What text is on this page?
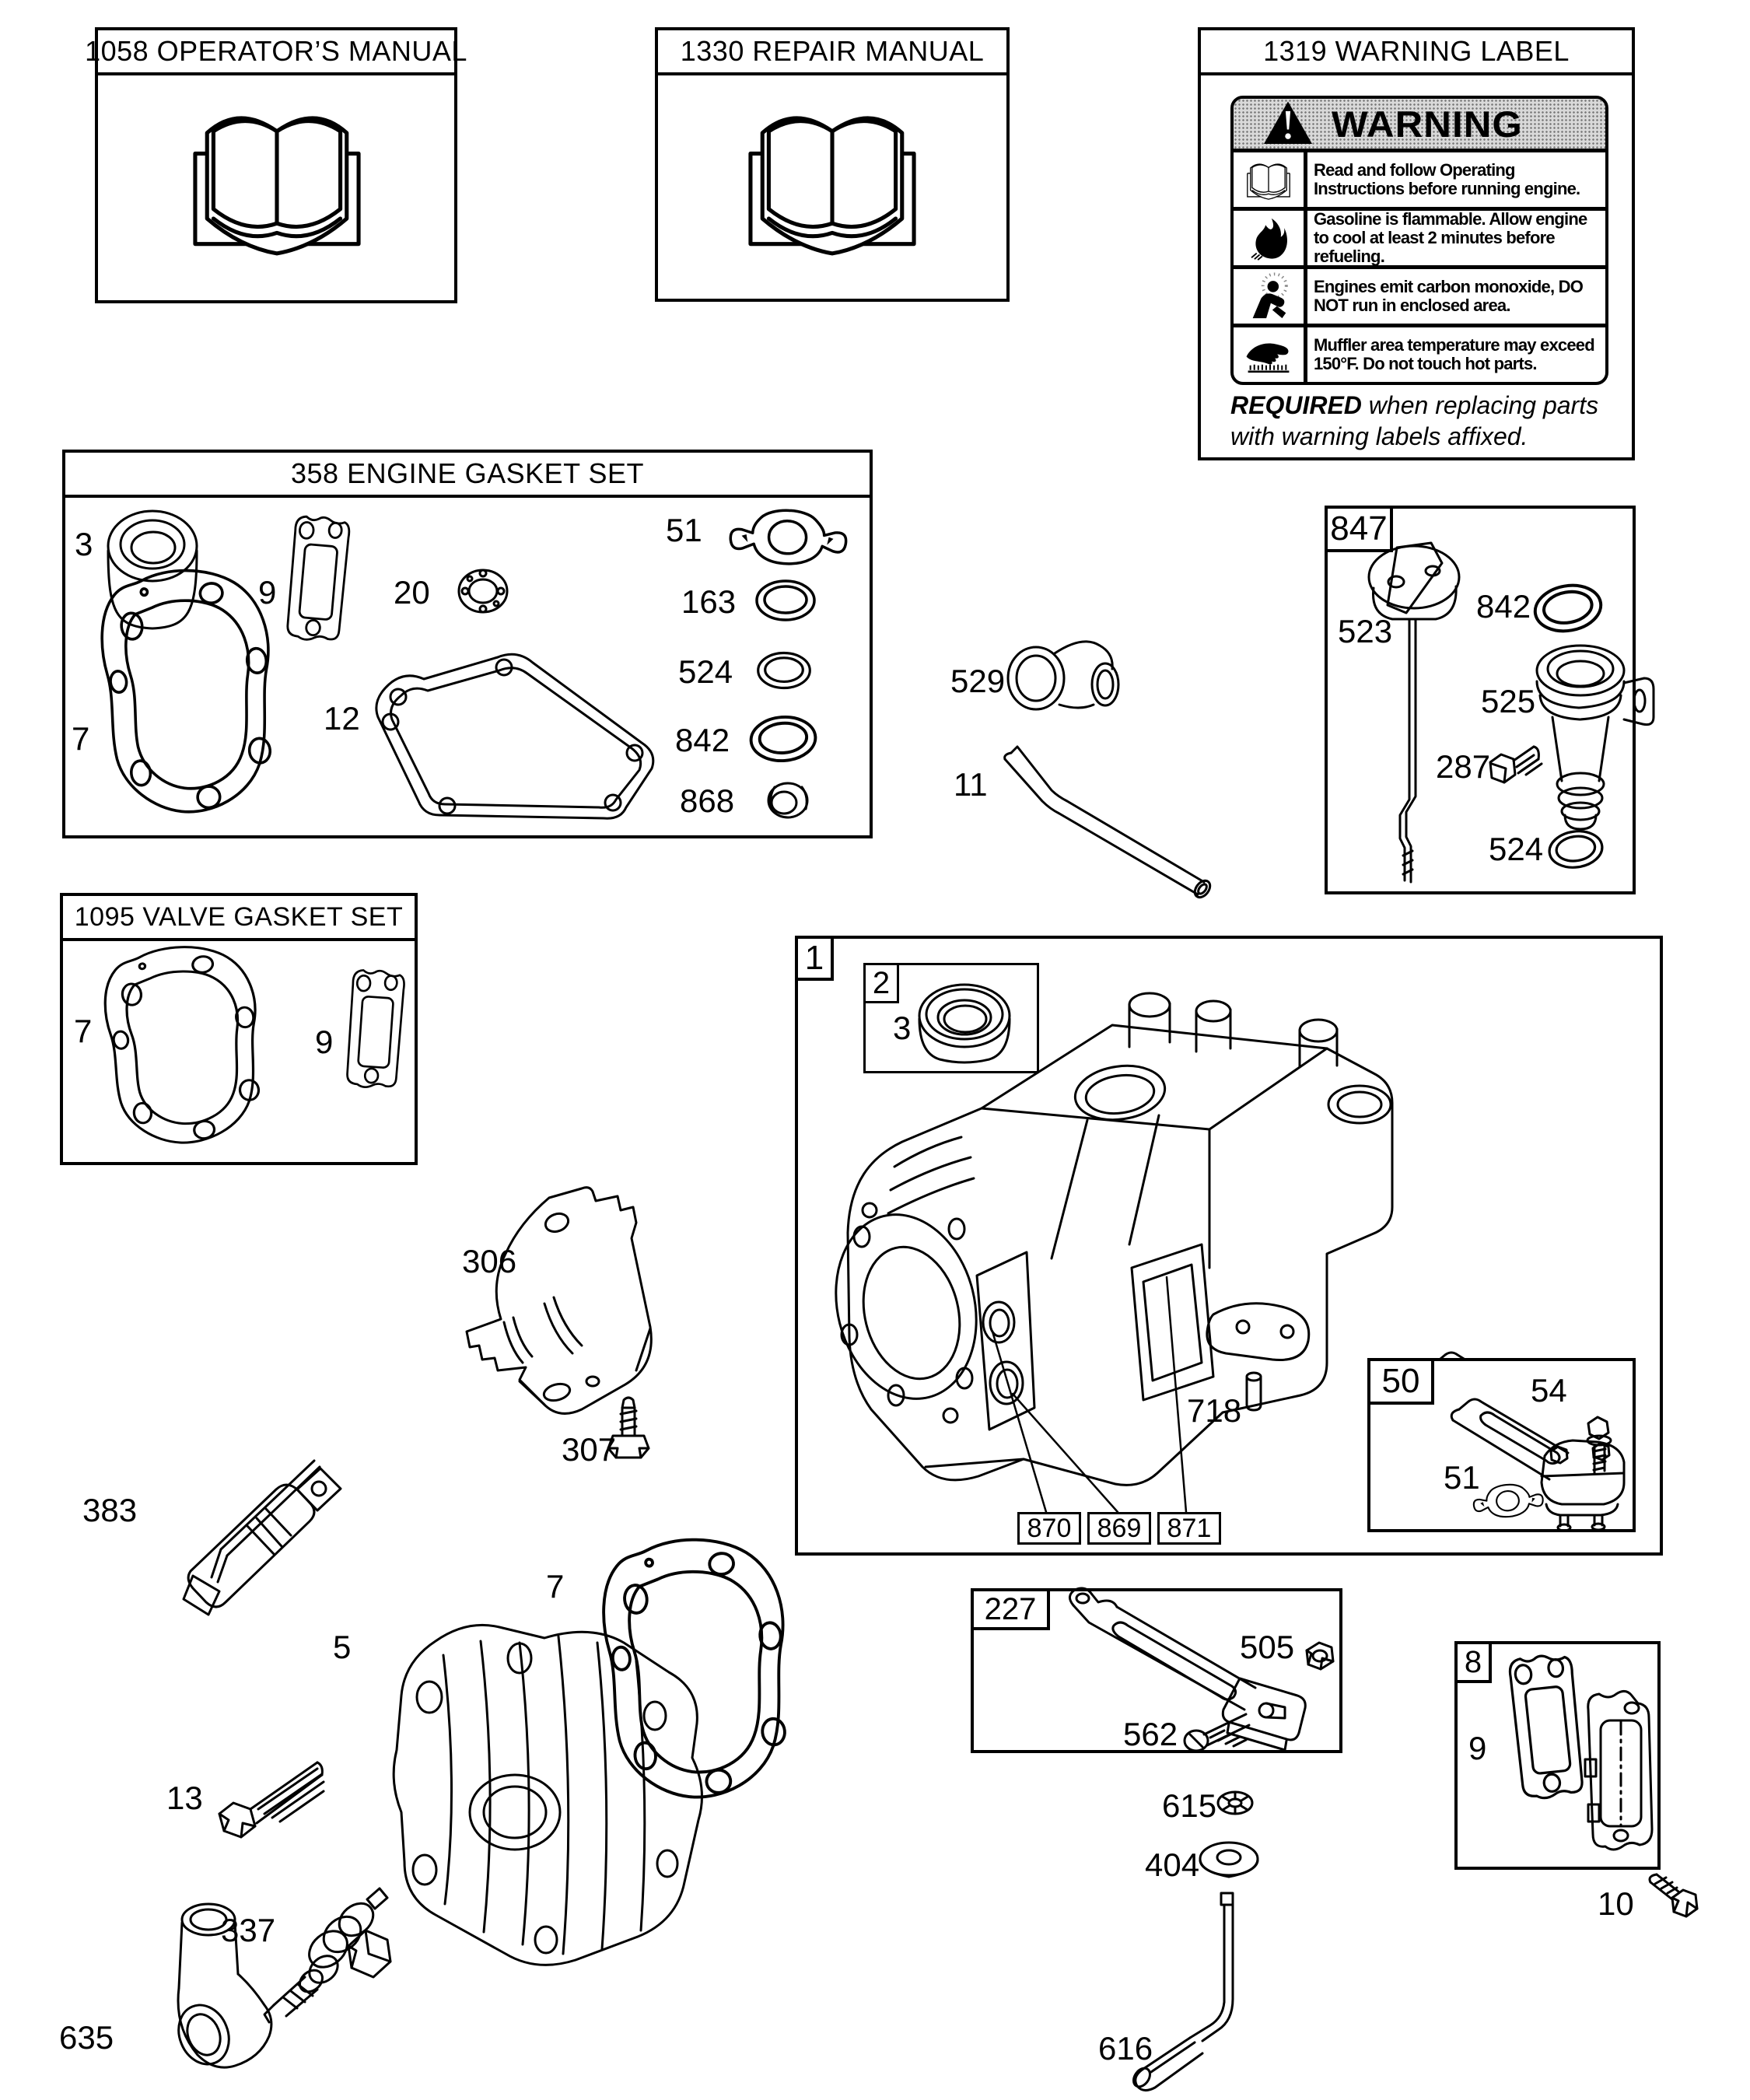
1058 OPERATOR’S MANUAL	1330 REPAIR MANUAL	1319 WARNING LABEL
WARNING
Read and follow Operating Instructions before running engine.
Gasoline is flammable. Allow engine to cool at least 2 minutes before refueling.
Engines emit carbon monoxide, DO NOT run in enclosed area.
Muffler area temperature may exceed 150°F. Do not touch hot parts.
REQUIRED when replacing parts with warning labels affixed.
358 ENGINE GASKET SET
3
9	20
7
12
51
163
524
842
868
529
11
847
523
842
525
287
524
1095 VALVE GASKET SET
7	9
1
2
3
718
870 869 871
50	54
51
306
307
383
5
7
13
337
635
615
404
616
227
505
562
8
9
10
